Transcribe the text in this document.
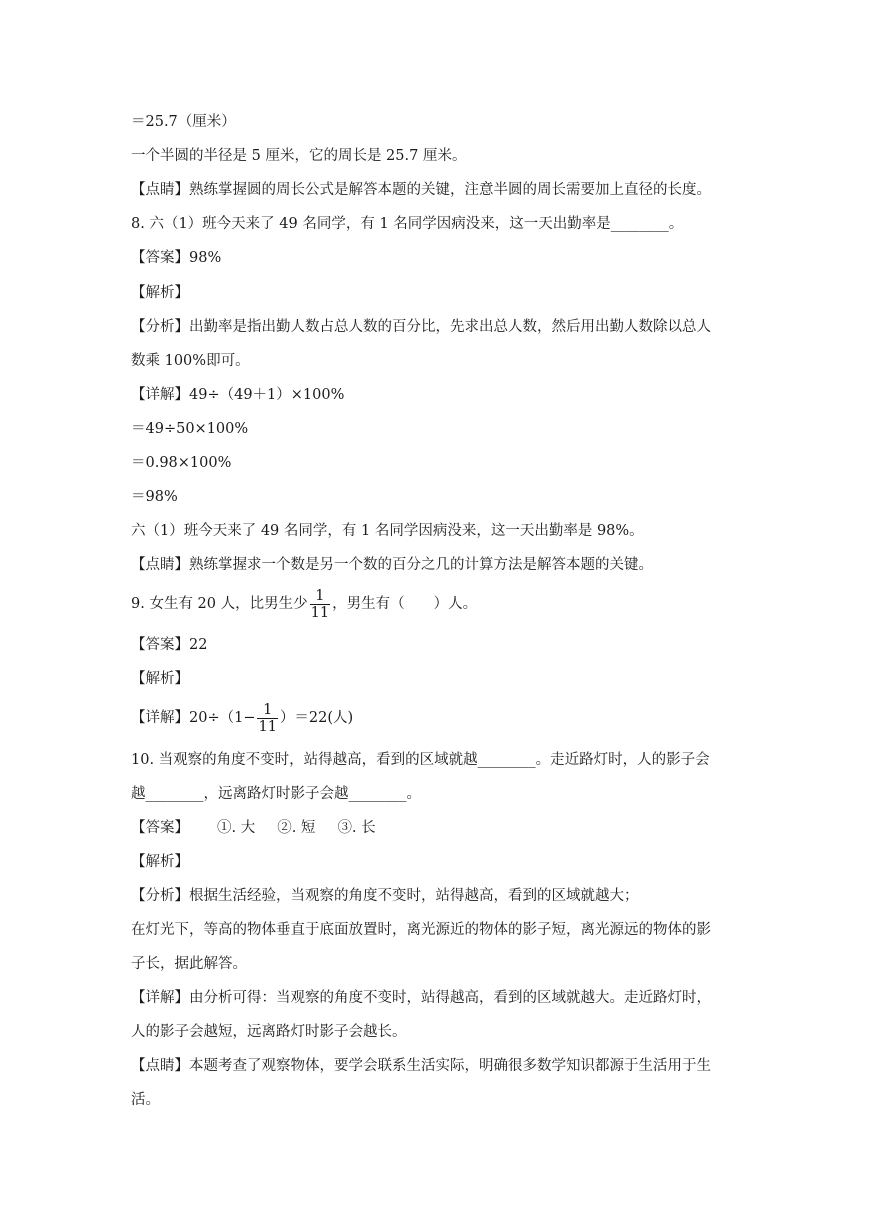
＝25.7（厘米）
一个半圆的半径是 5 厘米，它的周长是 25.7 厘米。
【点睛】熟练掌握圆的周长公式是解答本题的关键，注意半圆的周长需要加上直径的长度。
8. 六（1）班今天来了 49 名同学，有 1 名同学因病没来，这一天出勤率是________。
【答案】98%
【解析】
【分析】出勤率是指出勤人数占总人数的百分比，先求出总人数，然后用出勤人数除以总人
数乘 100%即可。
【详解】49÷（49＋1）×100%
＝49÷50×100%
＝0.98×100%
＝98%
六（1）班今天来了 49 名同学，有 1 名同学因病没来，这一天出勤率是 98%。
【点睛】熟练掌握求一个数是另一个数的百分之几的计算方法是解答本题的关键。
9. 女生有 20 人，比男生少 $\frac{1}{11}$ ，男生有（　　）人。
【答案】22
【解析】
【详解】$20\div(1- \frac{1}{11} )=22$(人)
10. 当观察的角度不变时，站得越高，看到的区域就越________。走近路灯时，人的影子会
越________，远离路灯时影子会越________。
【答案】 ①. 大 ②. 短 ③. 长
【解析】
【分析】根据生活经验，当观察的角度不变时，站得越高，看到的区域就越大；
在灯光下，等高的物体垂直于底面放置时，离光源近的物体的影子短，离光源远的物体的影
子长，据此解答。
【详解】由分析可得：当观察的角度不变时，站得越高，看到的区域就越大。走近路灯时，
人的影子会越短，远离路灯时影子会越长。
【点睛】本题考查了观察物体，要学会联系生活实际，明确很多数学知识都源于生活用于生
活。
